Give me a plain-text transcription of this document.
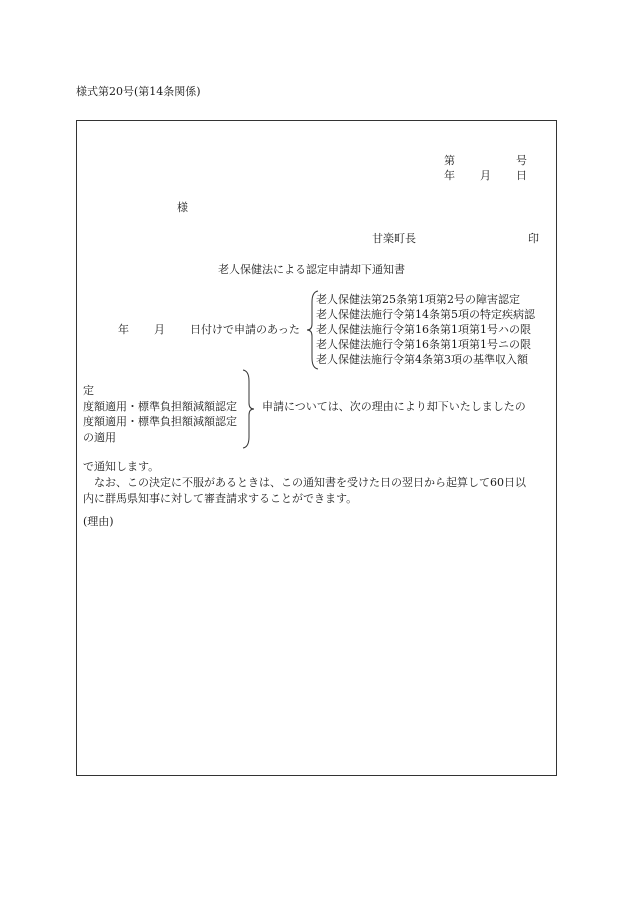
様式第20号(第14条関係)
第	号
年 月 日
様
甘楽町長	印
老人保健法による認定申請却下通知書
年 月 日付けで申請のあった
老人保健法第25条第1項第2号の障害認定
老人保健法施行令第14条第5項の特定疾病認
老人保健法施行令第16条第1項第1号ハの限
老人保健法施行令第16条第1項第1号ニの限
老人保健法施行令第4条第3項の基準収入額
定
度額適用・標準負担額減額認定
度額適用・標準負担額減額認定
の適用
申請については、次の理由により却下いたしましたの
で通知します。
　なお、この決定に不服があるときは、この通知書を受けた日の翌日から起算して60日以
内に群馬県知事に対して審査請求することができます。
(理由)
